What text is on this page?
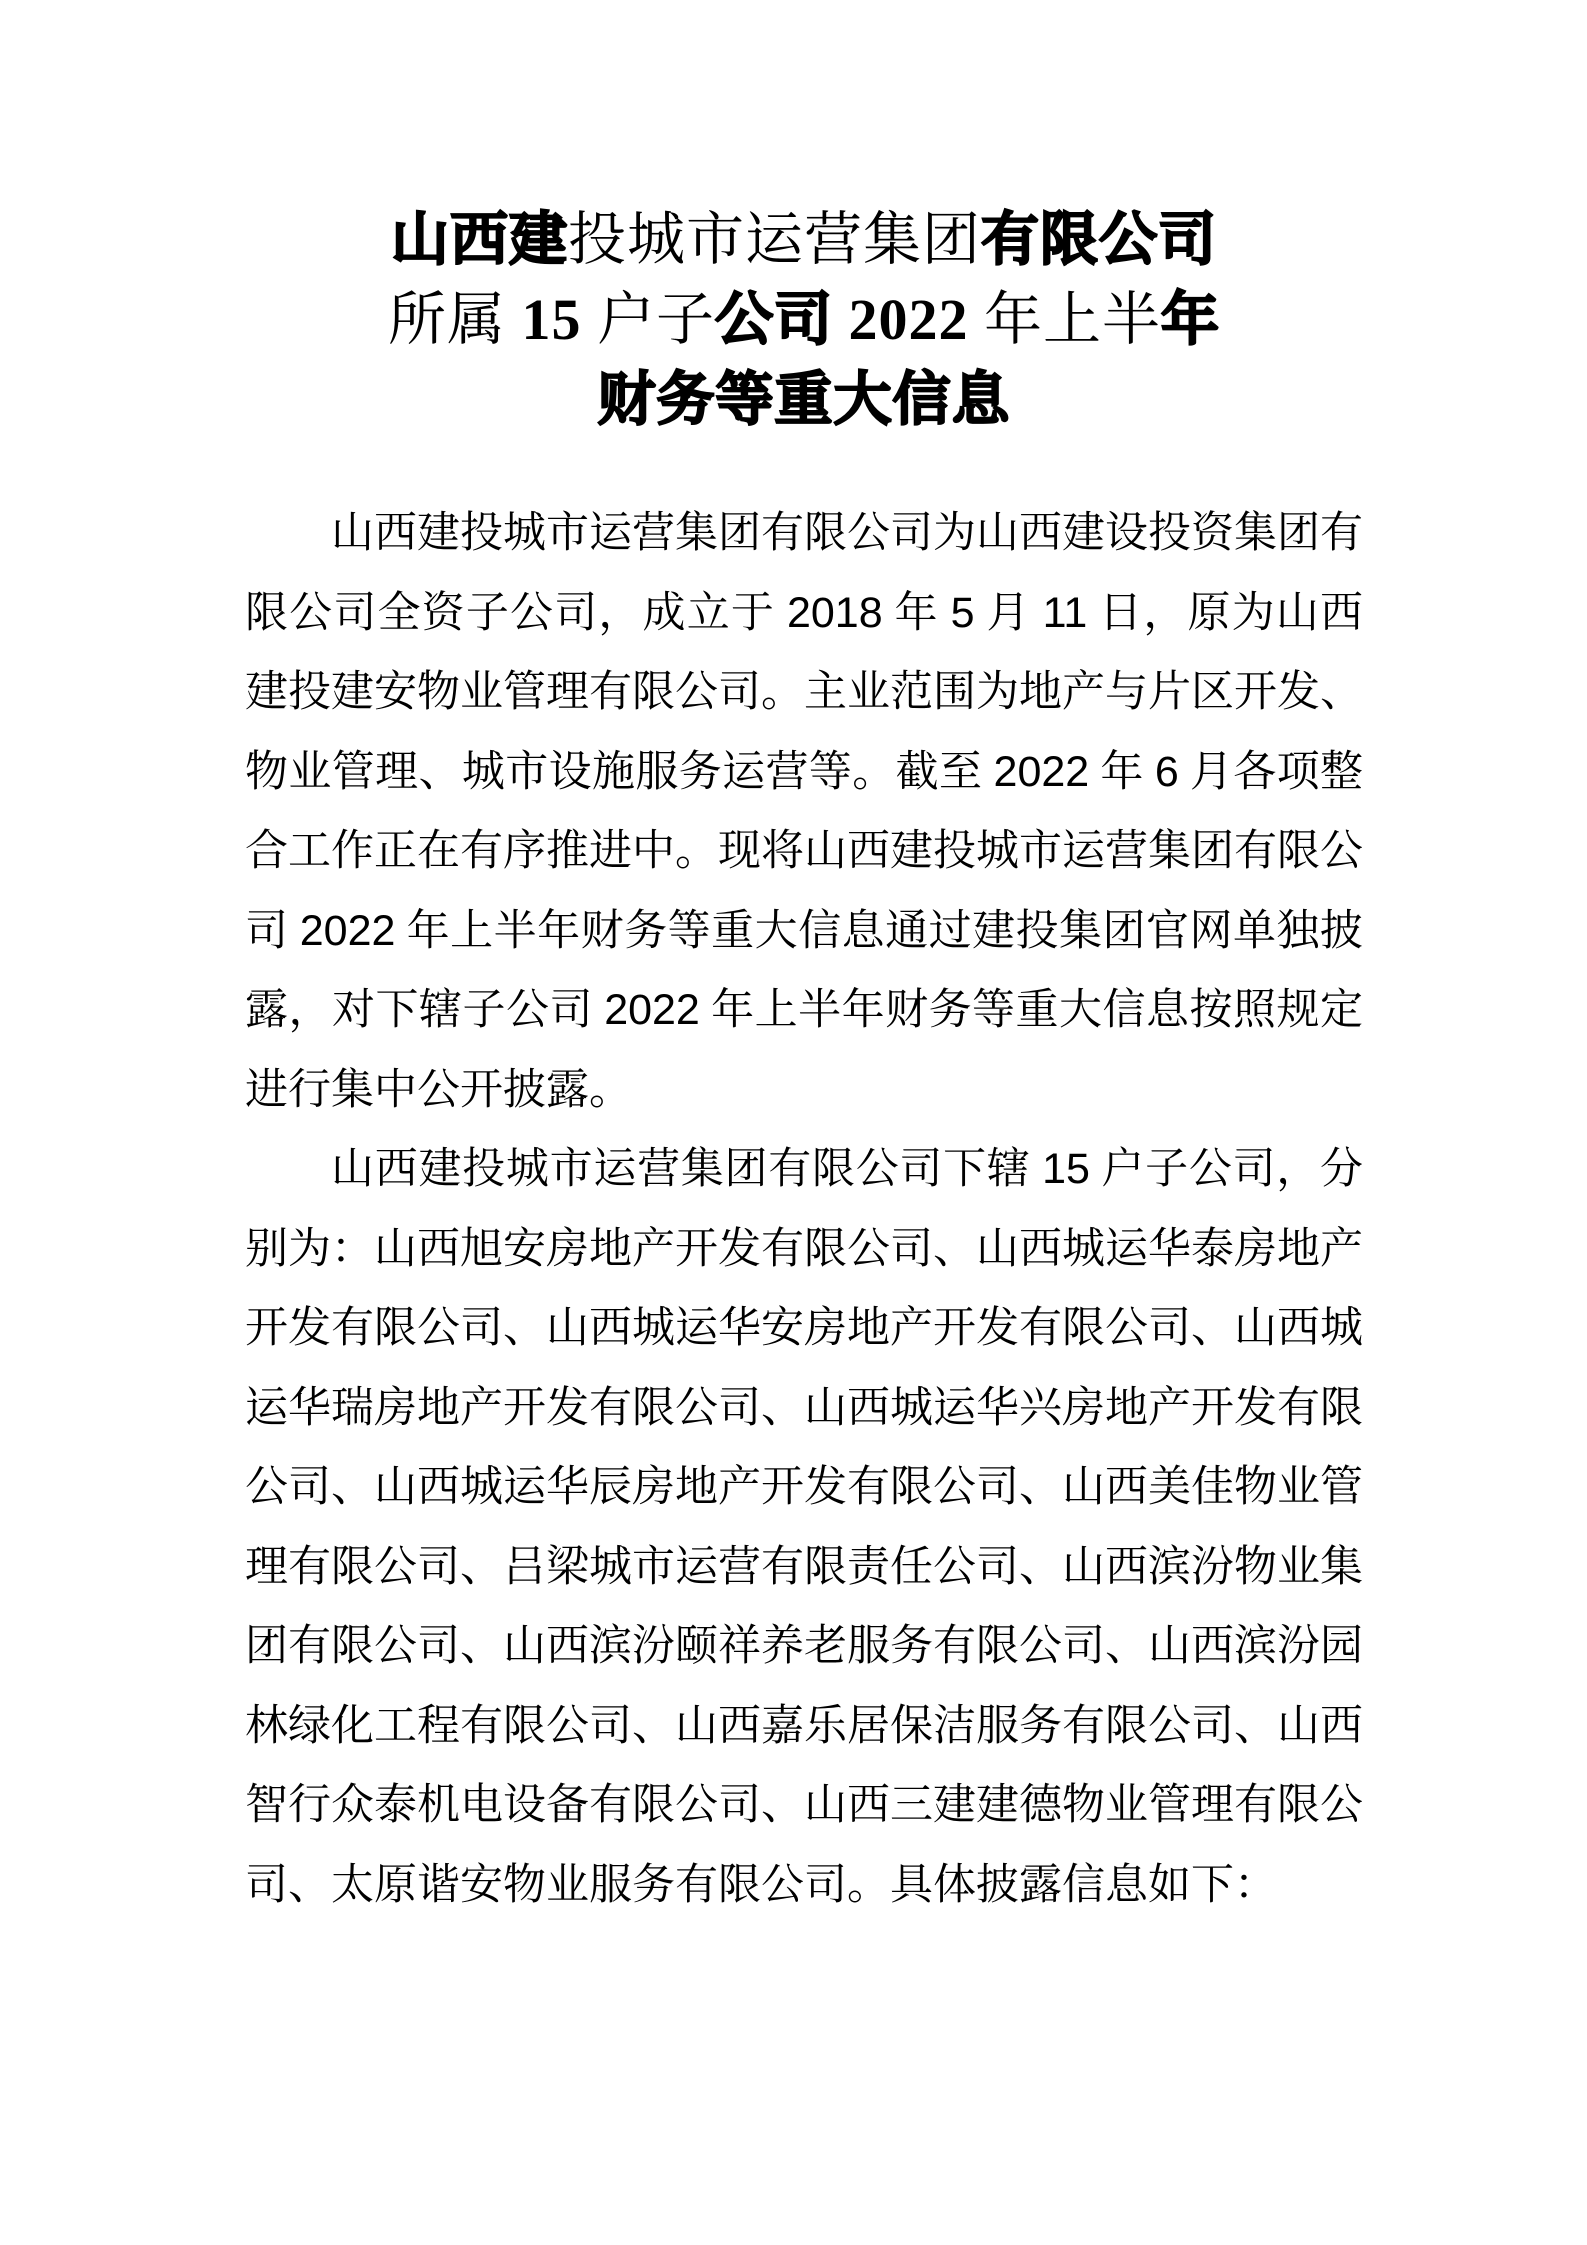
山西建投城市运营集团有限公司
所属 15 户子公司 2022 年上半年
财务等重大信息

山西建投城市运营集团有限公司为山西建设投资集团有限公司全资子公司，成立于 2018 年 5 月 11 日，原为山西建投建安物业管理有限公司。主业范围为地产与片区开发、物业管理、城市设施服务运营等。截至 2022 年 6 月各项整合工作正在有序推进中。现将山西建投城市运营集团有限公司 2022 年上半年财务等重大信息通过建投集团官网单独披露，对下辖子公司 2022 年上半年财务等重大信息按照规定进行集中公开披露。

山西建投城市运营集团有限公司下辖 15 户子公司，分别为：山西旭安房地产开发有限公司、山西城运华泰房地产开发有限公司、山西城运华安房地产开发有限公司、山西城运华瑞房地产开发有限公司、山西城运华兴房地产开发有限公司、山西城运华辰房地产开发有限公司、山西美佳物业管理有限公司、吕梁城市运营有限责任公司、山西滨汾物业集团有限公司、山西滨汾颐祥养老服务有限公司、山西滨汾园林绿化工程有限公司、山西嘉乐居保洁服务有限公司、山西智行众泰机电设备有限公司、山西三建建德物业管理有限公司、太原谐安物业服务有限公司。具体披露信息如下：
